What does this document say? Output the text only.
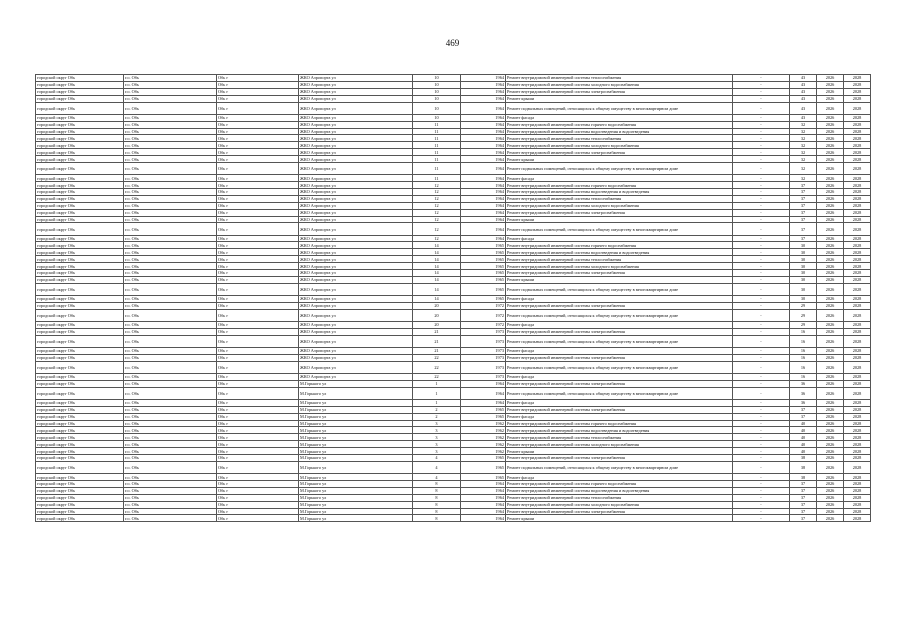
469
городской округ Обь	г.о. Обь	Обь г	ЖКО Аэропорта ул	10	1964	Ремонт внутридомовой инженерной системы теплоснабжения	-	43	2026	2028
городской округ Обь	г.о. Обь	Обь г	ЖКО Аэропорта ул	10	1964	Ремонт внутридомовой инженерной системы холодного водоснабжения	-	43	2026	2028
городской округ Обь	г.о. Обь	Обь г	ЖКО Аэропорта ул	10	1964	Ремонт внутридомовой инженерной системы электроснабжения	-	43	2026	2028
городской округ Обь	г.о. Обь	Обь г	ЖКО Аэропорта ул	10	1964	Ремонт крыши	-	43	2026	2028
городской округ Обь	г.о. Обь	Обь г	ЖКО Аэропорта ул	10	1964	Ремонт подвальных помещений, относящихся к общему имуществу в многоквартирном доме	-	43	2026	2028
городской округ Обь	г.о. Обь	Обь г	ЖКО Аэропорта ул	10	1964	Ремонт фасада	-	43	2026	2028
городской округ Обь	г.о. Обь	Обь г	ЖКО Аэропорта ул	11	1964	Ремонт внутридомовой инженерной системы горячего водоснабжения	-	32	2026	2028
городской округ Обь	г.о. Обь	Обь г	ЖКО Аэропорта ул	11	1964	Ремонт внутридомовой инженерной системы водоотведения и водоотведения	-	32	2026	2028
городской округ Обь	г.о. Обь	Обь г	ЖКО Аэропорта ул	11	1964	Ремонт внутридомовой инженерной системы теплоснабжения	-	32	2026	2028
городской округ Обь	г.о. Обь	Обь г	ЖКО Аэропорта ул	11	1964	Ремонт внутридомовой инженерной системы холодного водоснабжения	-	32	2026	2028
городской округ Обь	г.о. Обь	Обь г	ЖКО Аэропорта ул	11	1964	Ремонт внутридомовой инженерной системы электроснабжения	-	32	2026	2028
городской округ Обь	г.о. Обь	Обь г	ЖКО Аэропорта ул	11	1964	Ремонт крыши	-	32	2026	2028
городской округ Обь	г.о. Обь	Обь г	ЖКО Аэропорта ул	11	1964	Ремонт подвальных помещений, относящихся к общему имуществу в многоквартирном доме	-	32	2026	2028
городской округ Обь	г.о. Обь	Обь г	ЖКО Аэропорта ул	11	1964	Ремонт фасада	-	32	2026	2028
городской округ Обь	г.о. Обь	Обь г	ЖКО Аэропорта ул	12	1964	Ремонт внутридомовой инженерной системы горячего водоснабжения	-	37	2026	2028
городской округ Обь	г.о. Обь	Обь г	ЖКО Аэропорта ул	12	1964	Ремонт внутридомовой инженерной системы водоотведения и водоотведения	-	37	2026	2028
городской округ Обь	г.о. Обь	Обь г	ЖКО Аэропорта ул	12	1964	Ремонт внутридомовой инженерной системы теплоснабжения	-	37	2026	2028
городской округ Обь	г.о. Обь	Обь г	ЖКО Аэропорта ул	12	1964	Ремонт внутридомовой инженерной системы холодного водоснабжения	-	37	2026	2028
городской округ Обь	г.о. Обь	Обь г	ЖКО Аэропорта ул	12	1964	Ремонт внутридомовой инженерной системы электроснабжения	-	37	2026	2028
городской округ Обь	г.о. Обь	Обь г	ЖКО Аэропорта ул	12	1964	Ремонт крыши	-	37	2026	2028
городской округ Обь	г.о. Обь	Обь г	ЖКО Аэропорта ул	12	1964	Ремонт подвальных помещений, относящихся к общему имуществу в многоквартирном доме	-	37	2026	2028
городской округ Обь	г.о. Обь	Обь г	ЖКО Аэропорта ул	12	1964	Ремонт фасада	-	37	2026	2028
городской округ Обь	г.о. Обь	Обь г	ЖКО Аэропорта ул	14	1965	Ремонт внутридомовой инженерной системы горячего водоснабжения	-	30	2026	2028
городской округ Обь	г.о. Обь	Обь г	ЖКО Аэропорта ул	14	1965	Ремонт внутридомовой инженерной системы водоотведения и водоотведения	-	30	2026	2028
городской округ Обь	г.о. Обь	Обь г	ЖКО Аэропорта ул	14	1965	Ремонт внутридомовой инженерной системы теплоснабжения	-	30	2026	2028
городской округ Обь	г.о. Обь	Обь г	ЖКО Аэропорта ул	14	1965	Ремонт внутридомовой инженерной системы холодного водоснабжения	-	30	2026	2028
городской округ Обь	г.о. Обь	Обь г	ЖКО Аэропорта ул	14	1965	Ремонт внутридомовой инженерной системы электроснабжения	-	30	2026	2028
городской округ Обь	г.о. Обь	Обь г	ЖКО Аэропорта ул	14	1965	Ремонт крыши	-	30	2026	2028
городской округ Обь	г.о. Обь	Обь г	ЖКО Аэропорта ул	14	1965	Ремонт подвальных помещений, относящихся к общему имуществу в многоквартирном доме	-	30	2026	2028
городской округ Обь	г.о. Обь	Обь г	ЖКО Аэропорта ул	14	1965	Ремонт фасада	-	30	2026	2028
городской округ Обь	г.о. Обь	Обь г	ЖКО Аэропорта ул	20	1972	Ремонт внутридомовой инженерной системы электроснабжения	-	29	2026	2028
городской округ Обь	г.о. Обь	Обь г	ЖКО Аэропорта ул	20	1972	Ремонт подвальных помещений, относящихся к общему имуществу в многоквартирном доме	-	29	2026	2028
городской округ Обь	г.о. Обь	Обь г	ЖКО Аэропорта ул	20	1972	Ремонт фасада	-	29	2026	2028
городской округ Обь	г.о. Обь	Обь г	ЖКО Аэропорта ул	21	1973	Ремонт внутридомовой инженерной системы электроснабжения	-	16	2026	2028
городской округ Обь	г.о. Обь	Обь г	ЖКО Аэропорта ул	21	1973	Ремонт подвальных помещений, относящихся к общему имуществу в многоквартирном доме	-	16	2026	2028
городской округ Обь	г.о. Обь	Обь г	ЖКО Аэропорта ул	21	1973	Ремонт фасада	-	16	2026	2028
городской округ Обь	г.о. Обь	Обь г	ЖКО Аэропорта ул	22	1973	Ремонт внутридомовой инженерной системы электроснабжения	-	16	2026	2028
городской округ Обь	г.о. Обь	Обь г	ЖКО Аэропорта ул	22	1973	Ремонт подвальных помещений, относящихся к общему имуществу в многоквартирном доме	-	16	2026	2028
городской округ Обь	г.о. Обь	Обь г	ЖКО Аэропорта ул	22	1973	Ремонт фасада	-	16	2026	2028
городской округ Обь	г.о. Обь	Обь г	М.Горького ул	1	1964	Ремонт внутридомовой инженерной системы электроснабжения	-	36	2026	2028
городской округ Обь	г.о. Обь	Обь г	М.Горького ул	1	1964	Ремонт подвальных помещений, относящихся к общему имуществу в многоквартирном доме	-	36	2026	2028
городской округ Обь	г.о. Обь	Обь г	М.Горького ул	1	1964	Ремонт фасада	-	36	2026	2028
городской округ Обь	г.о. Обь	Обь г	М.Горького ул	2	1965	Ремонт внутридомовой инженерной системы электроснабжения	-	37	2026	2028
городской округ Обь	г.о. Обь	Обь г	М.Горького ул	2	1965	Ремонт фасада	-	37	2026	2028
городской округ Обь	г.о. Обь	Обь г	М.Горького ул	3	1962	Ремонт внутридомовой инженерной системы горячего водоснабжения	-	40	2026	2028
городской округ Обь	г.о. Обь	Обь г	М.Горького ул	3	1962	Ремонт внутридомовой инженерной системы водоотведения и водоотведения	-	40	2026	2028
городской округ Обь	г.о. Обь	Обь г	М.Горького ул	3	1962	Ремонт внутридомовой инженерной системы теплоснабжения	-	40	2026	2028
городской округ Обь	г.о. Обь	Обь г	М.Горького ул	3	1962	Ремонт внутридомовой инженерной системы холодного водоснабжения	-	40	2026	2028
городской округ Обь	г.о. Обь	Обь г	М.Горького ул	3	1962	Ремонт крыши	-	40	2026	2028
городской округ Обь	г.о. Обь	Обь г	М.Горького ул	4	1965	Ремонт внутридомовой инженерной системы электроснабжения	-	38	2026	2028
городской округ Обь	г.о. Обь	Обь г	М.Горького ул	4	1965	Ремонт подвальных помещений, относящихся к общему имуществу в многоквартирном доме	-	38	2026	2028
городской округ Обь	г.о. Обь	Обь г	М.Горького ул	4	1965	Ремонт фасада	-	38	2026	2028
городской округ Обь	г.о. Обь	Обь г	М.Горького ул	8	1964	Ремонт внутридомовой инженерной системы горячего водоснабжения	-	37	2026	2028
городской округ Обь	г.о. Обь	Обь г	М.Горького ул	8	1964	Ремонт внутридомовой инженерной системы водоотведения и водоотведения	-	37	2026	2028
городской округ Обь	г.о. Обь	Обь г	М.Горького ул	8	1964	Ремонт внутридомовой инженерной системы теплоснабжения	-	37	2026	2028
городской округ Обь	г.о. Обь	Обь г	М.Горького ул	8	1964	Ремонт внутридомовой инженерной системы холодного водоснабжения	-	37	2026	2028
городской округ Обь	г.о. Обь	Обь г	М.Горького ул	8	1964	Ремонт внутридомовой инженерной системы электроснабжения	-	37	2026	2028
городской округ Обь	г.о. Обь	Обь г	М.Горького ул	8	1964	Ремонт крыши	-	37	2026	2028
